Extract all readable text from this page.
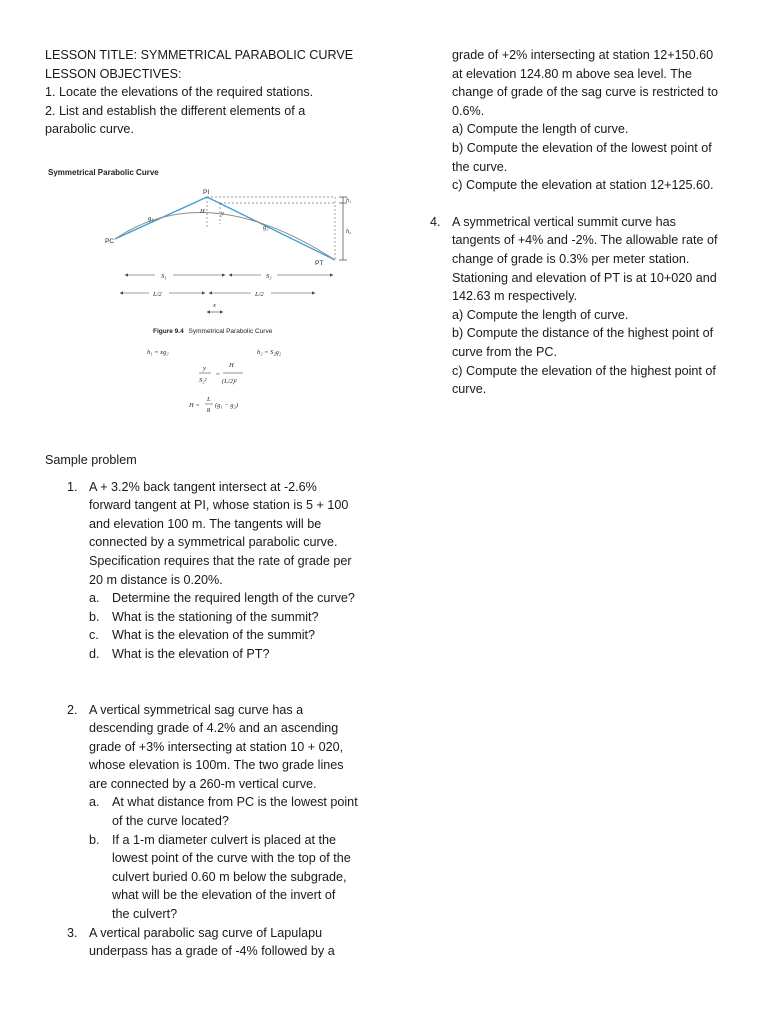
LESSON TITLE: SYMMETRICAL PARABOLIC CURVE
LESSON OBJECTIVES:
1. Locate the elevations of the required stations.
2. List and establish the different elements of a
parabolic curve.
Symmetrical Parabolic Curve
PI
PC
PT
g₁
g₂
H	y
h₁
h₂
S₁	S₂
L/2	L/2
x
Figure 9.4 Symmetrical Parabolic Curve
h₁ = xg₂	h₂ = S₂g₂
y
S₂²
=
H
(L/2)²
H =
L
8
(g₁ − g₂)
Sample problem
1. A + 3.2% back tangent intersect at -2.6%
forward tangent at PI, whose station is 5 + 100
and elevation 100 m. The tangents will be
connected by a symmetrical parabolic curve.
Specification requires that the rate of grade per
20 m distance is 0.20%.
a. Determine the required length of the curve?
b. What is the stationing of the summit?
c. What is the elevation of the summit?
d. What is the elevation of PT?
2. A vertical symmetrical sag curve has a
descending grade of 4.2% and an ascending
grade of +3% intersecting at station 10 + 020,
whose elevation is 100m. The two grade lines
are connected by a 260-m vertical curve.
a. At what distance from PC is the lowest point
of the curve located?
b. If a 1-m diameter culvert is placed at the
lowest point of the curve with the top of the
culvert buried 0.60 m below the subgrade,
what will be the elevation of the invert of
the culvert?
3. A vertical parabolic sag curve of Lapulapu
underpass has a grade of -4% followed by a
grade of +2% intersecting at station 12+150.60
at elevation 124.80 m above sea level. The
change of grade of the sag curve is restricted to
0.6%.
a) Compute the length of curve.
b) Compute the elevation of the lowest point of
the curve.
c) Compute the elevation at station 12+125.60.
4. A symmetrical vertical summit curve has
tangents of +4% and -2%. The allowable rate of
change of grade is 0.3% per meter station.
Stationing and elevation of PT is at 10+020 and
142.63 m respectively.
a) Compute the length of curve.
b) Compute the distance of the highest point of
curve from the PC.
c) Compute the elevation of the highest point of
curve.
